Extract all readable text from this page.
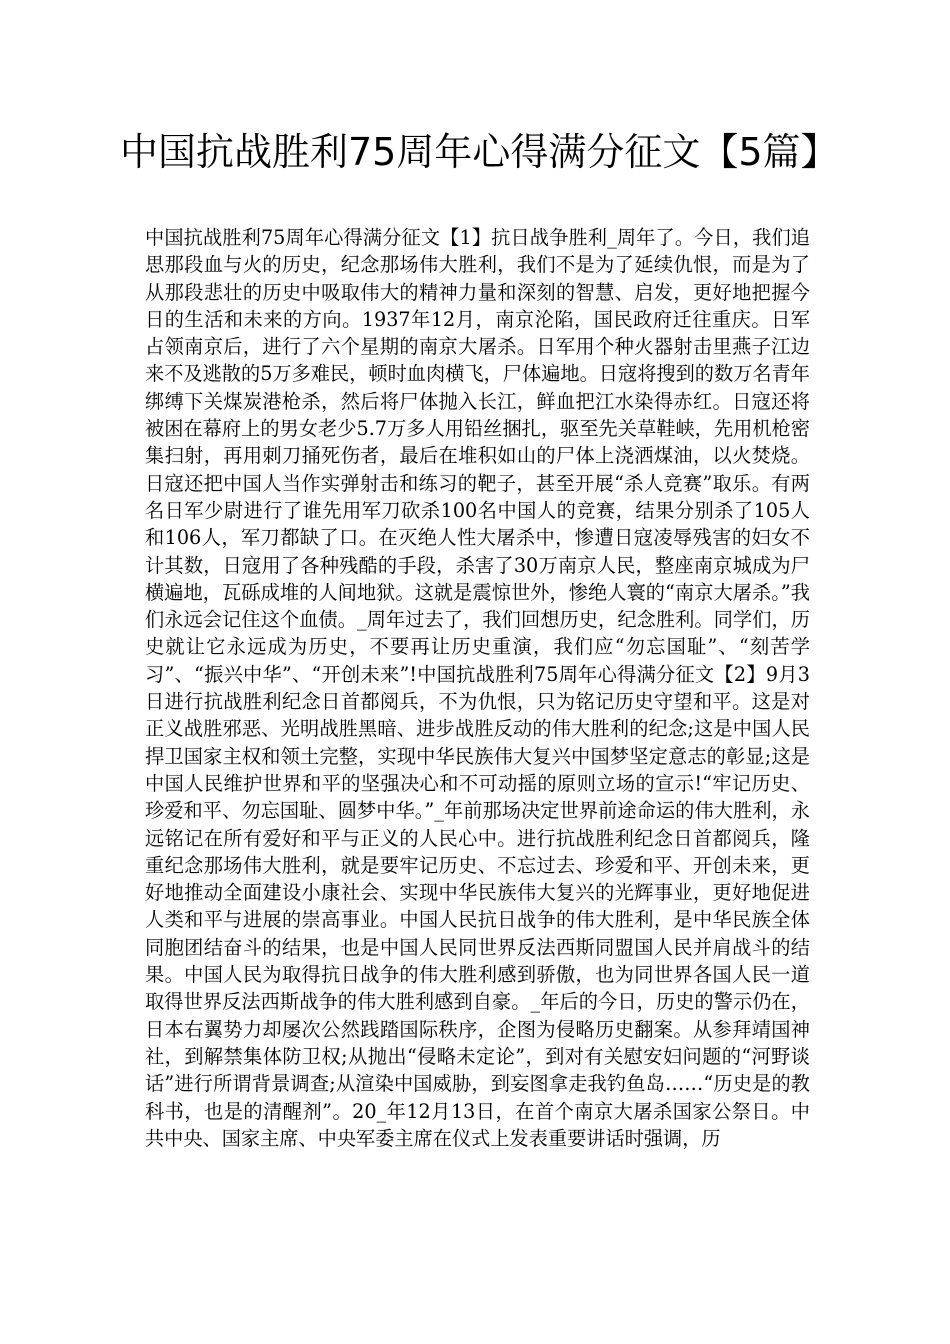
中国抗战胜利75周年心得满分征文【5篇】

中国抗战胜利75周年心得满分征文【1】抗日战争胜利_周年了。今日，我们追思那段血与火的历史，纪念那场伟大胜利，我们不是为了延续仇恨，而是为了从那段悲壮的历史中吸取伟大的精神力量和深刻的智慧、启发，更好地把握今日的生活和未来的方向。1937年12月，南京沦陷，国民政府迁往重庆。日军占领南京后，进行了六个星期的南京大屠杀。日军用个种火器射击里燕子江边来不及逃散的5万多难民，顿时血肉横飞，尸体遍地。日寇将搜到的数万名青年绑缚下关煤炭港枪杀，然后将尸体抛入长江，鲜血把江水染得赤红。日寇还将被困在幕府上的男女老少5.7万多人用铅丝捆扎，驱至先关草鞋峡，先用机枪密集扫射，再用刺刀捅死伤者，最后在堆积如山的尸体上浇洒煤油，以火焚烧。日寇还把中国人当作实弹射击和练习的靶子，甚至开展“杀人竞赛”取乐。有两名日军少尉进行了谁先用军刀砍杀100名中国人的竞赛，结果分别杀了105人和106人，军刀都缺了口。在灭绝人性大屠杀中，惨遭日寇凌辱残害的妇女不计其数，日寇用了各种残酷的手段，杀害了30万南京人民，整座南京城成为尸横遍地，瓦砾成堆的人间地狱。这就是震惊世外，惨绝人寰的“南京大屠杀。”我们永远会记住这个血债。_周年过去了，我们回想历史，纪念胜利。同学们，历史就让它永远成为历史，不要再让历史重演，我们应“勿忘国耻”、“刻苦学习”、“振兴中华”、“开创未来”!中国抗战胜利75周年心得满分征文【2】9月3日进行抗战胜利纪念日首都阅兵，不为仇恨，只为铭记历史守望和平。这是对正义战胜邪恶、光明战胜黑暗、进步战胜反动的伟大胜利的纪念;这是中国人民捍卫国家主权和领土完整，实现中华民族伟大复兴中国梦坚定意志的彰显;这是中国人民维护世界和平的坚强决心和不可动摇的原则立场的宣示!“牢记历史、珍爱和平、勿忘国耻、圆梦中华。”_年前那场决定世界前途命运的伟大胜利，永远铭记在所有爱好和平与正义的人民心中。进行抗战胜利纪念日首都阅兵，隆重纪念那场伟大胜利，就是要牢记历史、不忘过去、珍爱和平、开创未来，更好地推动全面建设小康社会、实现中华民族伟大复兴的光辉事业，更好地促进人类和平与进展的崇高事业。中国人民抗日战争的伟大胜利，是中华民族全体同胞团结奋斗的结果，也是中国人民同世界反法西斯同盟国人民并肩战斗的结果。中国人民为取得抗日战争的伟大胜利感到骄傲，也为同世界各国人民一道取得世界反法西斯战争的伟大胜利感到自豪。_年后的今日，历史的警示仍在，日本右翼势力却屡次公然践踏国际秩序，企图为侵略历史翻案。从参拜靖国神社，到解禁集体防卫权;从抛出“侵略未定论”，到对有关慰安妇问题的“河野谈话”进行所谓背景调查;从渲染中国威胁，到妄图拿走我钓鱼岛……“历史是的教科书，也是的清醒剂”。20_年12月13日，在首个南京大屠杀国家公祭日。中共中央、国家主席、中央军委主席在仪式上发表重要讲话时强调，历
